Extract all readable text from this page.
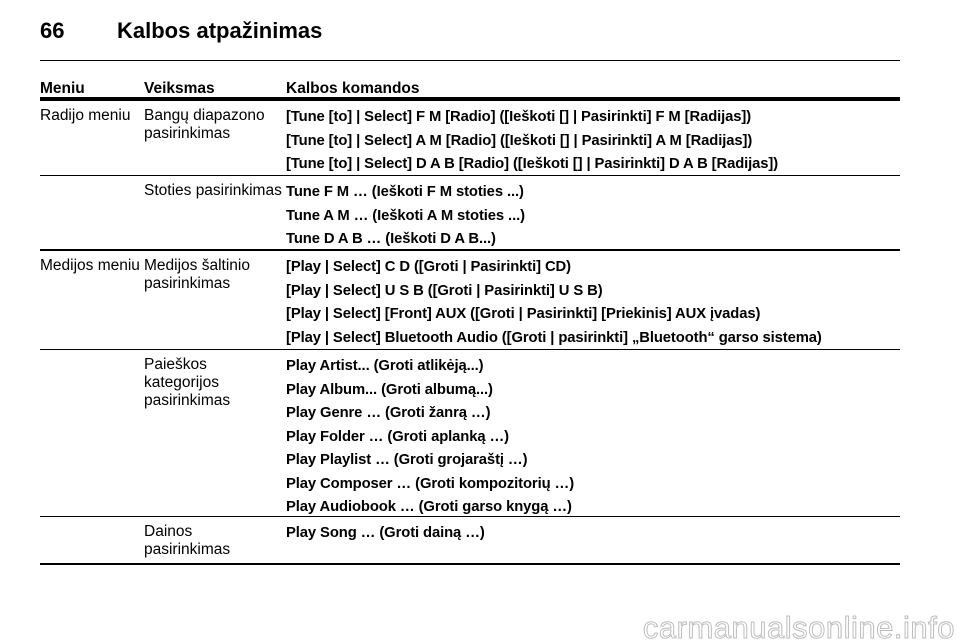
66 Kalbos atpažinimas
Meniu	Veiksmas	Kalbos komandos
Radijo meniu Bangų diapazono pasirinkimas
[Tune [to] | Select] F M [Radio] ([Ieškoti [] | Pasirinkti] F M [Radijas])
[Tune [to] | Select] A M [Radio] ([Ieškoti [] | Pasirinkti] A M [Radijas])
[Tune [to] | Select] D A B [Radio] ([Ieškoti [] | Pasirinkti] D A B [Radijas])
Stoties pasirinkimas Tune F M … (Ieškoti F M stoties ...)
Tune A M … (Ieškoti A M stoties ...)
Tune D A B … (Ieškoti D A B...)
Medijos meniu Medijos šaltinio pasirinkimas
[Play | Select] C D ([Groti | Pasirinkti] CD)
[Play | Select] U S B ([Groti | Pasirinkti] U S B)
[Play | Select] [Front] AUX ([Groti | Pasirinkti] [Priekinis] AUX įvadas)
[Play | Select] Bluetooth Audio ([Groti | pasirinkti] „Bluetooth“ garso sistema)
Paieškos kategorijos pasirinkimas
Play Artist... (Groti atlikėją...)
Play Album... (Groti albumą...)
Play Genre … (Groti žanrą …)
Play Folder … (Groti aplanką …)
Play Playlist … (Groti grojaraštį …)
Play Composer … (Groti kompozitorių …)
Play Audiobook … (Groti garso knygą …)
Dainos pasirinkimas
Play Song … (Groti dainą …)
carmanualsonline.info
